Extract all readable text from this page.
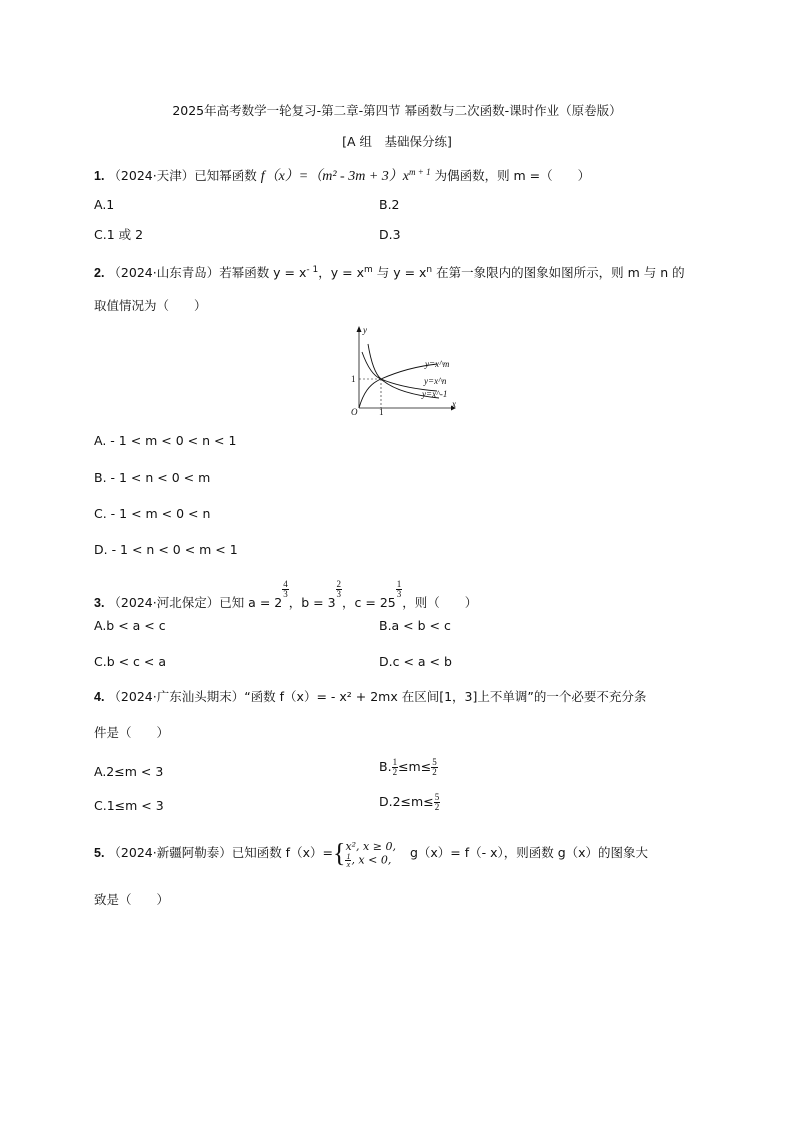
2025年高考数学一轮复习-第二章-第四节 幂函数与二次函数-课时作业（原卷版）
[A 组　基础保分练]
1. （2024·天津）已知幂函数 $f(x)=(m^2 - 3m + 3)x^{m + 1}$ 为偶函数，则 m =（　　）
A.1	B.2
C.1 或 2	D.3
2. （2024·山东青岛）若幂函数 $y = x^{- 1}$，$y = x^m$ 与 $y = x^n$ 在第一象限内的图象如图所示，则 m 与 n 的
取值情况为（　　）
y
x
O
1
1
y=x^m
y=x^n
y=x^-1
A. - 1 < m < 0 < n < 1
B. - 1 < n < 0 < m
C. - 1 < m < 0 < n
D. - 1 < n < 0 < m < 1
3. （2024·河北保定）已知 a = 2
$\frac{4}{3}$
，b = 3
$\frac{2}{3}$
，c = 25
$\frac{1}{3}$
，则（　　）
A.b < a < c	B.a < b < c
C.b < c < a	D.c < a < b
4. （2024·广东汕头期末）“函数 f（x）= - x² + 2mx 在区间[1，3]上不单调”的一个必要不充分条
件是（　　）
A.2≤m < 3	B. $\frac{1}{2} \le m\le \frac{5}{2}$
C.1≤m < 3	$D.2\le m\le \frac{5}{2}$
5. （2024·新疆阿勒泰）已知函数 f（x）={ x², x ≥ 0,
$\frac{1}{x}$ , x < 0,	g（x）= f（- x），则函数 g（x）的图象大
致是（　　）
